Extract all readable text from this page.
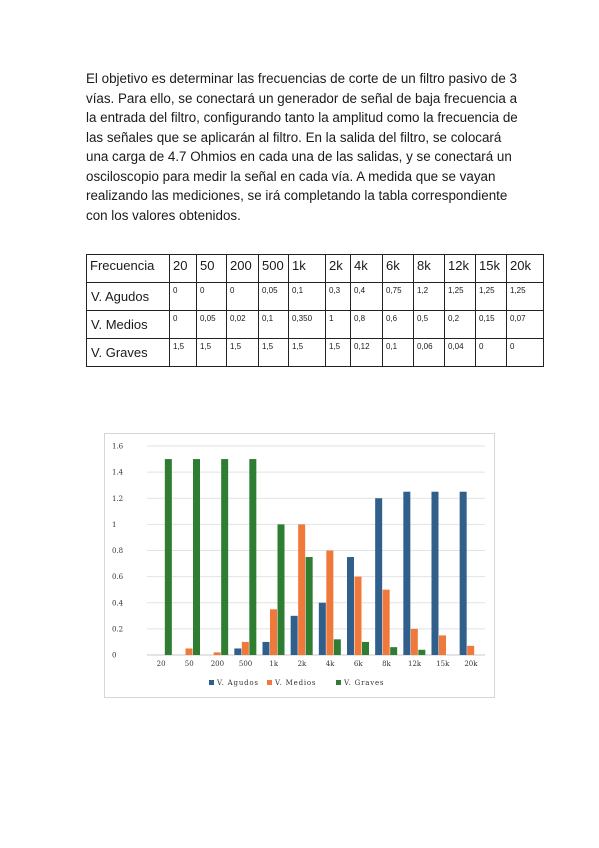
El objetivo es determinar las frecuencias de corte de un filtro pasivo de 3 vías. Para ello, se conectará un generador de señal de baja frecuencia a la entrada del filtro, configurando tanto la amplitud como la frecuencia de las señales que se aplicarán al filtro. En la salida del filtro, se colocará una carga de 4.7 Ohmios en cada una de las salidas, y se conectará un osciloscopio para medir la señal en cada vía. A medida que se vayan realizando las mediciones, se irá completando la tabla correspondiente con los valores obtenidos.

Frecuencia	20	50	200	500	1k	2k	4k	6k	8k	12k	15k	20k
V. Agudos	0	0	0	0,05	0,1	0,3	0,4	0,75	1,2	1,25	1,25	1,25
V. Medios	0	0,05	0,02	0,1	0,350	1	0,8	0,6	0,5	0,2	0,15	0,07
V. Graves	1,5	1,5	1,5	1,5	1,5	1,5	0,12	0,1	0,06	0,04	0	0
0
0.2
0.4
0.6
0.8
1
1.2
1.4
1.6
20	50 200 500 1k	2k	4k	6k	8k 12k 15k 20k
V. Agudos V. Medios	V. Graves
